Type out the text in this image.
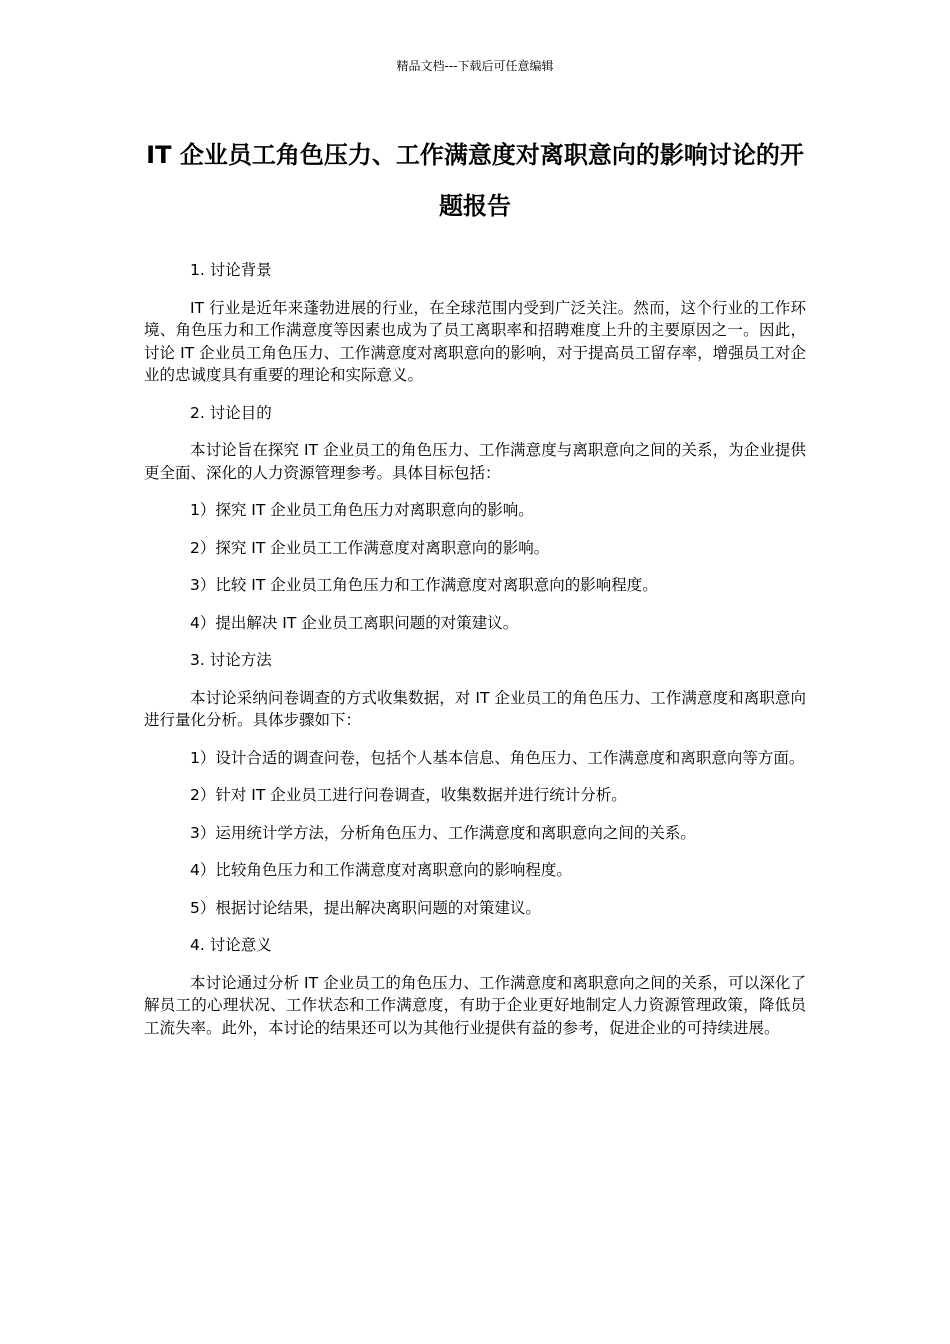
精品文档---下载后可任意编辑
IT 企业员工角色压力、工作满意度对离职意向的影响讨论的开题报告

1. 讨论背景

IT 行业是近年来蓬勃进展的行业，在全球范围内受到广泛关注。然而，这个行业的工作环境、角色压力和工作满意度等因素也成为了员工离职率和招聘难度上升的主要原因之一。因此，讨论 IT 企业员工角色压力、工作满意度对离职意向的影响，对于提高员工留存率，增强员工对企业的忠诚度具有重要的理论和实际意义。

2. 讨论目的

本讨论旨在探究 IT 企业员工的角色压力、工作满意度与离职意向之间的关系，为企业提供更全面、深化的人力资源管理参考。具体目标包括：

1）探究 IT 企业员工角色压力对离职意向的影响。

2）探究 IT 企业员工工作满意度对离职意向的影响。

3）比较 IT 企业员工角色压力和工作满意度对离职意向的影响程度。

4）提出解决 IT 企业员工离职问题的对策建议。

3. 讨论方法

本讨论采纳问卷调查的方式收集数据，对 IT 企业员工的角色压力、工作满意度和离职意向进行量化分析。具体步骤如下：

1）设计合适的调查问卷，包括个人基本信息、角色压力、工作满意度和离职意向等方面。

2）针对 IT 企业员工进行问卷调查，收集数据并进行统计分析。

3）运用统计学方法，分析角色压力、工作满意度和离职意向之间的关系。

4）比较角色压力和工作满意度对离职意向的影响程度。

5）根据讨论结果，提出解决离职问题的对策建议。

4. 讨论意义

本讨论通过分析 IT 企业员工的角色压力、工作满意度和离职意向之间的关系，可以深化了解员工的心理状况、工作状态和工作满意度，有助于企业更好地制定人力资源管理政策，降低员工流失率。此外，本讨论的结果还可以为其他行业提供有益的参考，促进企业的可持续进展。
